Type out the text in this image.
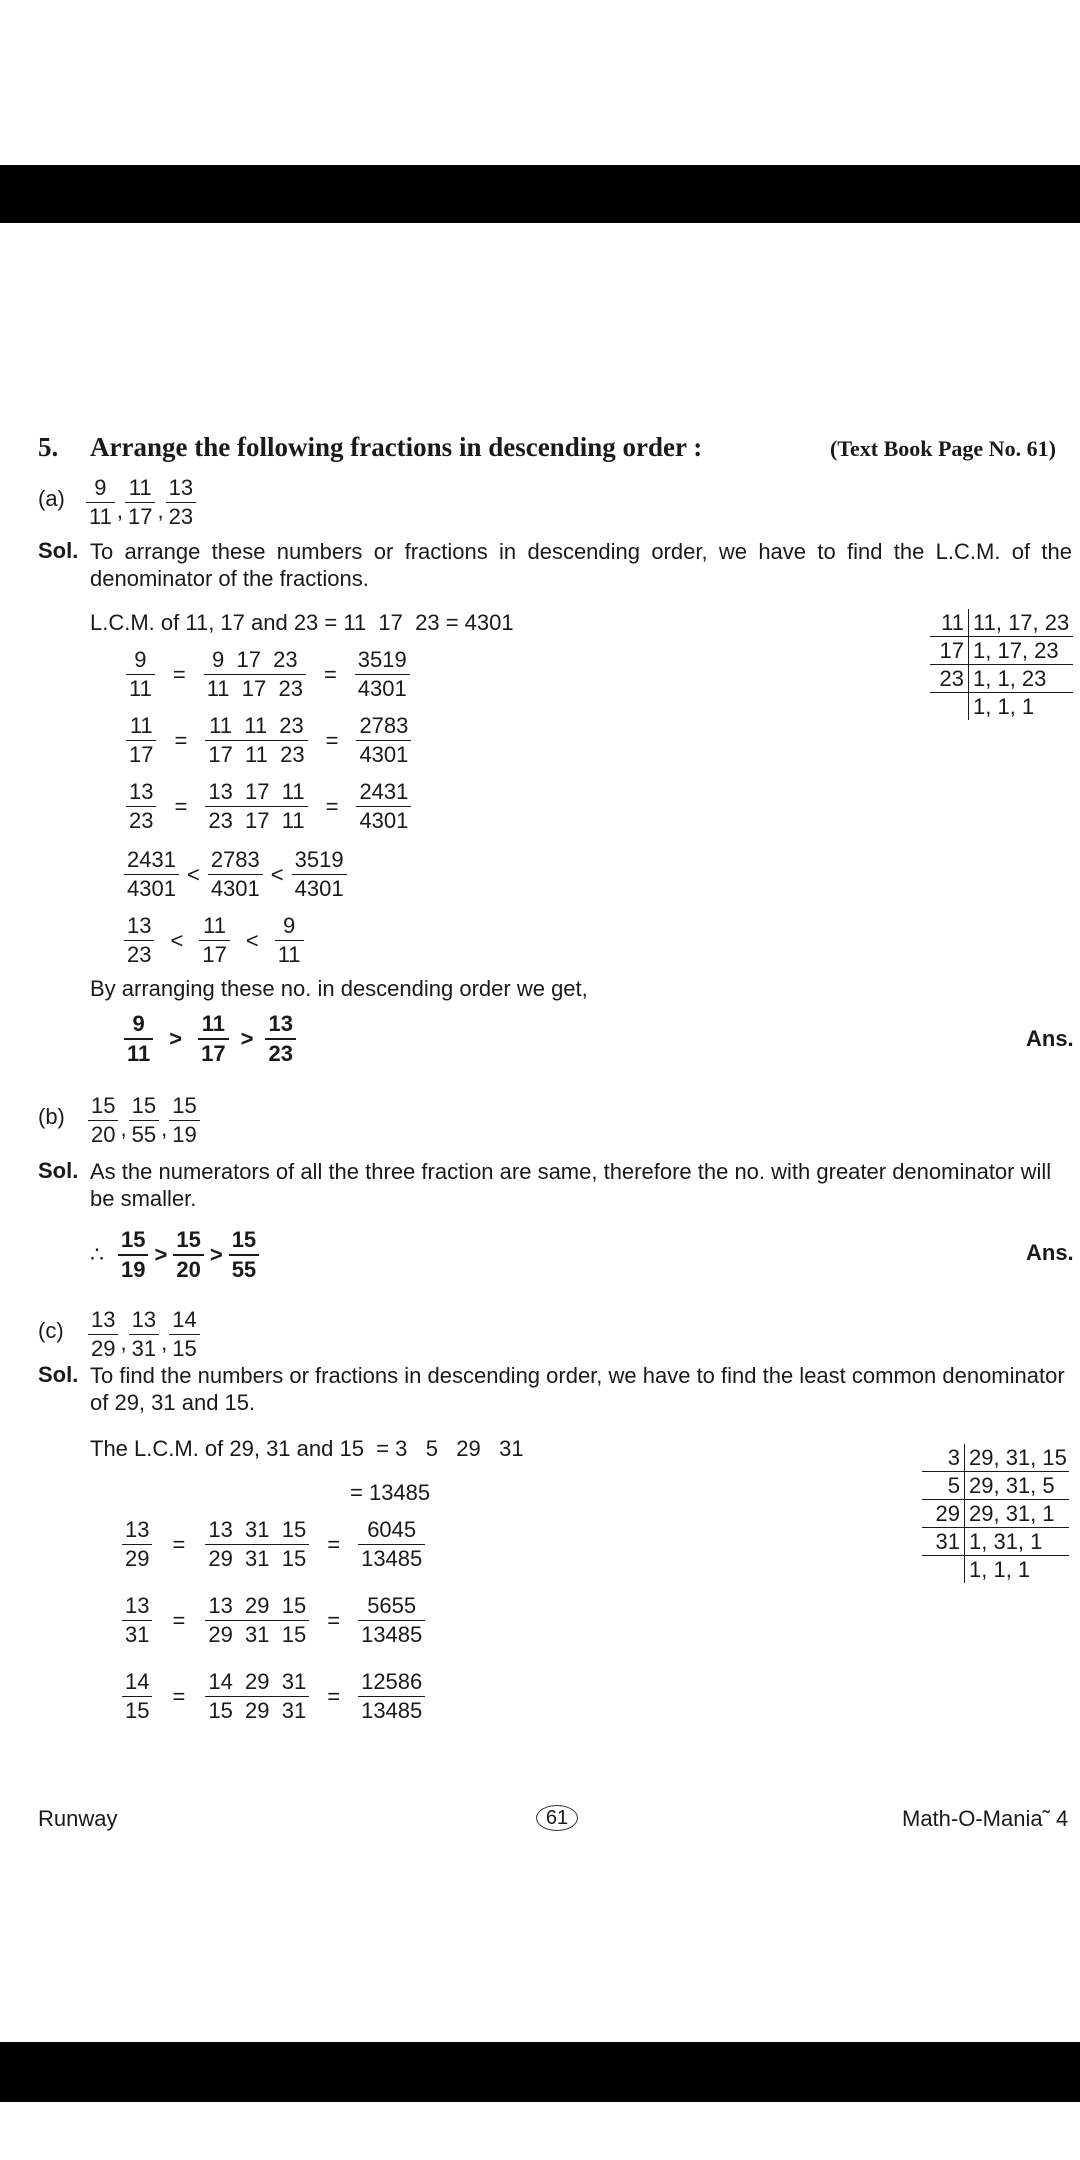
5. Arrange the following fractions in descending order :	(Text Book Page No. 61)
$(a) \frac{9}{11}$ , $\frac{11}{17}$ , $\frac{13}{23}$
Sol. To arrange these numbers or fractions in descending order, we have to find the L.C.M. of the denominator of the fractions.
L.C.M. of 11, 17 and 23 = 11  17  23 = 4301
$\frac{9}{11} = \frac{9 17 23}{11 17 23} = \frac{3519}{4301}$
$\frac{11}{17} = \frac{11 11 23}{17 11 23} = \frac{2783}{4301}$
$\frac{13}{23} = \frac{13 17 11}{23 17 11} = \frac{2431}{4301}$
$\frac{2431}{4301} < \frac{2783}{4301} < \frac{3519}{4301}$
$\frac{13}{23} < \frac{11}{17} < \frac{9}{11}$
By arranging these no. in descending order we get,
$\frac{9}{11} > \frac{11}{17} > \frac{13}{23}$	Ans.
11 11, 17, 23
17 1, 17, 23
23 1, 1, 23
1, 1, 1
$(b) \frac{15}{20}$ , $\frac{15}{55}$ , $\frac{15}{19}$
Sol. As the numerators of all the three fraction are same, therefore the no. with greater denominator will be smaller.
∴ $\frac{15}{19} > \frac{15}{20} > \frac{15}{55}$	Ans.
$(c) \frac{13}{29}$ , $\frac{13}{31}$ , $\frac{14}{15}$
Sol. To find the numbers or fractions in descending order, we have to find the least common denominator of 29, 31 and 15.
The L.C.M. of 29, 31 and 15  = 3   5   29   31
= 13485
$\frac{13}{29} = \frac{13 31 15}{29 31 15} = \frac{6045}{13485}$
$\frac{13}{31} = \frac{13 29 15}{29 31 15} = \frac{5655}{13485}$
$\frac{14}{15} = \frac{14 29 31}{15 29 31} = \frac{12586}{13485}$
3 29, 31, 15
5 29, 31, 5
29 29, 31, 1
31 1, 31, 1
1, 1, 1
Runway	61	Math-O-Mania˜ 4
